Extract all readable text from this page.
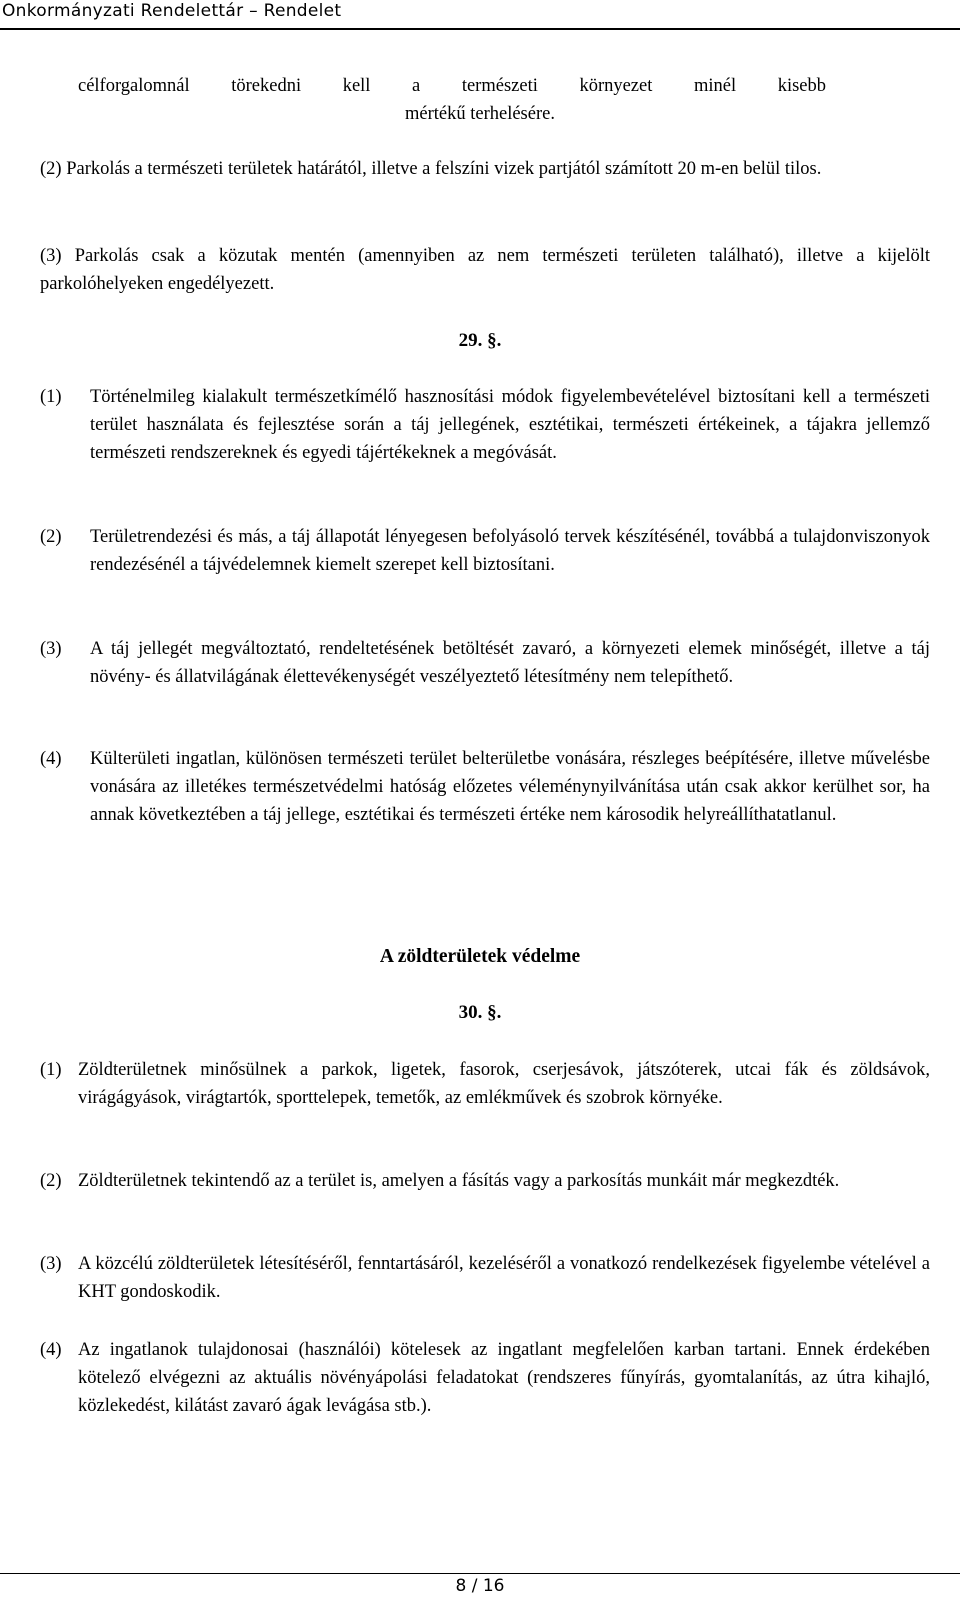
Onkormányzati Rendelettár – Rendelet
célforgalomnál törekedni kell a természeti környezet minél kisebb
mértékű terhelésére.
(2) Parkolás a természeti területek határától, illetve a felszíni vizek partjától számított 20 m-en belül tilos.
(3) Parkolás csak a közutak mentén (amennyiben az nem természeti területen található), illetve a kijelölt parkolóhelyeken engedélyezett.
29. §.
(1) Történelmileg kialakult természetkímélő hasznosítási módok figyelembevételével biztosítani kell a természeti terület használata és fejlesztése során a táj jellegének, esztétikai, természeti értékeinek, a tájakra jellemző természeti rendszereknek és egyedi tájértékeknek a megóvását.
(2) Területrendezési és más, a táj állapotát lényegesen befolyásoló tervek készítésénél, továbbá a tulajdonviszonyok rendezésénél a tájvédelemnek kiemelt szerepet kell biztosítani.
(3) A táj jellegét megváltoztató, rendeltetésének betöltését zavaró, a környezeti elemek minőségét, illetve a táj növény- és állatvilágának élettevékenységét veszélyeztető létesítmény nem telepíthető.
(4) Külterületi ingatlan, különösen természeti terület belterületbe vonására, részleges beépítésére, illetve művelésbe vonására az illetékes természetvédelmi hatóság előzetes véleménynyilvánítása után csak akkor kerülhet sor, ha annak következtében a táj jellege, esztétikai és természeti értéke nem károsodik helyreállíthatatlanul.
A zöldterületek védelme
30. §.
(1) Zöldterületnek minősülnek a parkok, ligetek, fasorok, cserjesávok, játszóterek, utcai fák és zöldsávok, virágágyások, virágtartók, sporttelepek, temetők, az emlékművek és szobrok környéke.
(2) Zöldterületnek tekintendő az a terület is, amelyen a fásítás vagy a parkosítás munkáit már megkezdték.
(3) A közcélú zöldterületek létesítéséről, fenntartásáról, kezeléséről a vonatkozó rendelkezések figyelembe vételével a KHT gondoskodik.
(4) Az ingatlanok tulajdonosai (használói) kötelesek az ingatlant megfelelően karban tartani. Ennek érdekében kötelező elvégezni az aktuális növényápolási feladatokat (rendszeres fűnyírás, gyomtalanítás, az útra kihajló, közlekedést, kilátást zavaró ágak levágása stb.).
8 / 16
